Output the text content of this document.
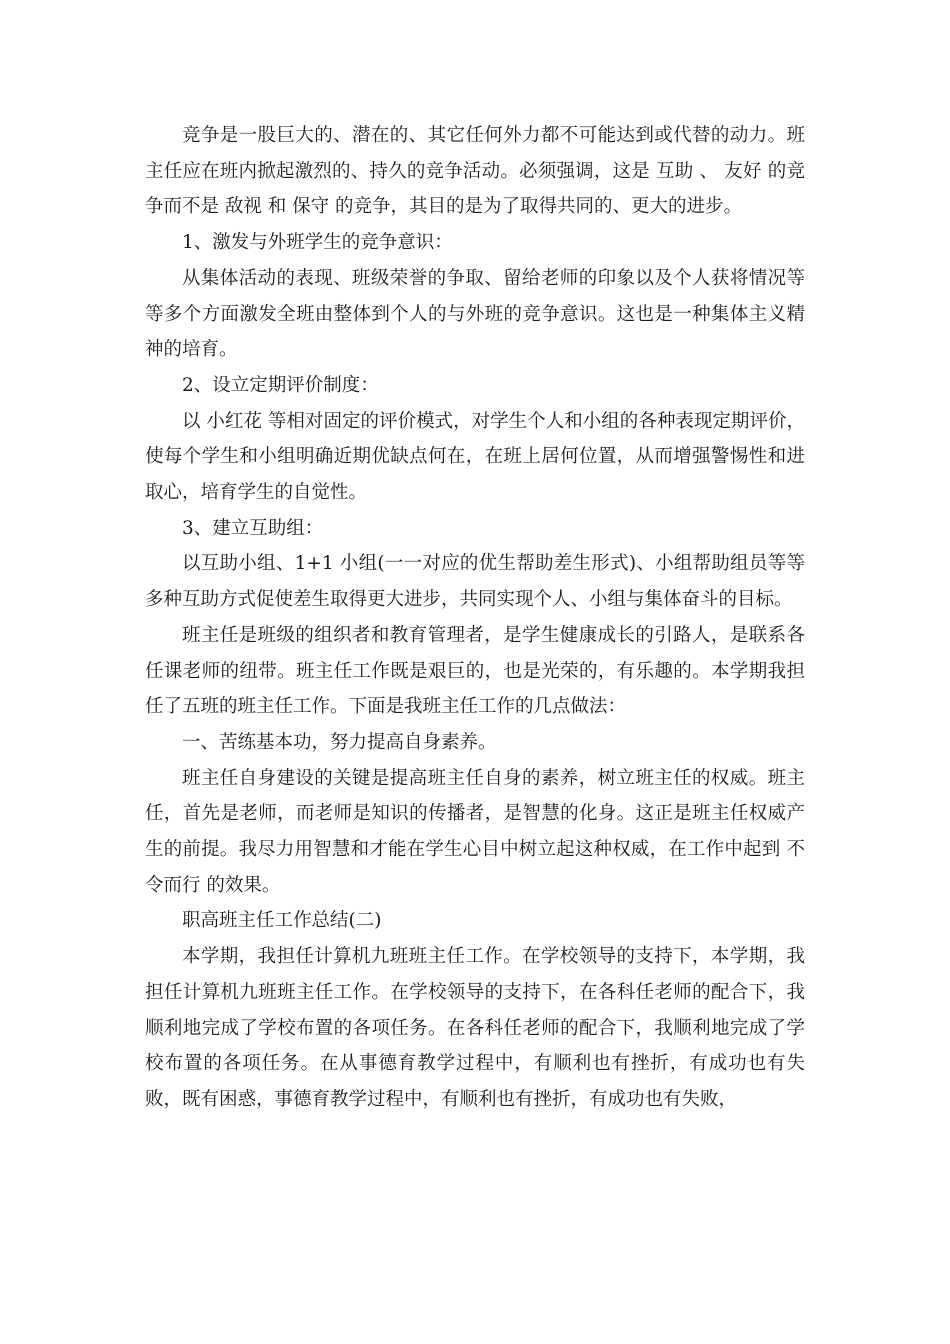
竞争是一股巨大的、潜在的、其它任何外力都不可能达到或代替的动力。班主任应在班内掀起激烈的、持久的竞争活动。必须强调，这是 互助 、 友好 的竞争而不是 敌视 和 保守 的竞争，其目的是为了取得共同的、更大的进步。

1、激发与外班学生的竞争意识：

从集体活动的表现、班级荣誉的争取、留给老师的印象以及个人获将情况等等多个方面激发全班由整体到个人的与外班的竞争意识。这也是一种集体主义精神的培育。

2、设立定期评价制度：

以 小红花 等相对固定的评价模式，对学生个人和小组的各种表现定期评价，使每个学生和小组明确近期优缺点何在，在班上居何位置，从而增强警惕性和进取心，培育学生的自觉性。

3、建立互助组：

以互助小组、1+1 小组(一一对应的优生帮助差生形式)、小组帮助组员等等多种互助方式促使差生取得更大进步，共同实现个人、小组与集体奋斗的目标。

班主任是班级的组织者和教育管理者，是学生健康成长的引路人，是联系各任课老师的纽带。班主任工作既是艰巨的，也是光荣的，有乐趣的。本学期我担任了五班的班主任工作。下面是我班主任工作的几点做法：

一、苦练基本功，努力提高自身素养。

班主任自身建设的关键是提高班主任自身的素养，树立班主任的权威。班主任，首先是老师，而老师是知识的传播者，是智慧的化身。这正是班主任权威产生的前提。我尽力用智慧和才能在学生心目中树立起这种权威，在工作中起到 不令而行 的效果。

职高班主任工作总结(二)

本学期，我担任计算机九班班主任工作。在学校领导的支持下，本学期，我担任计算机九班班主任工作。在学校领导的支持下，在各科任老师的配合下，我顺利地完成了学校布置的各项任务。在各科任老师的配合下，我顺利地完成了学校布置的各项任务。在从事德育教学过程中，有顺利也有挫折，有成功也有失败，既有困惑，事德育教学过程中，有顺利也有挫折，有成功也有失败，
